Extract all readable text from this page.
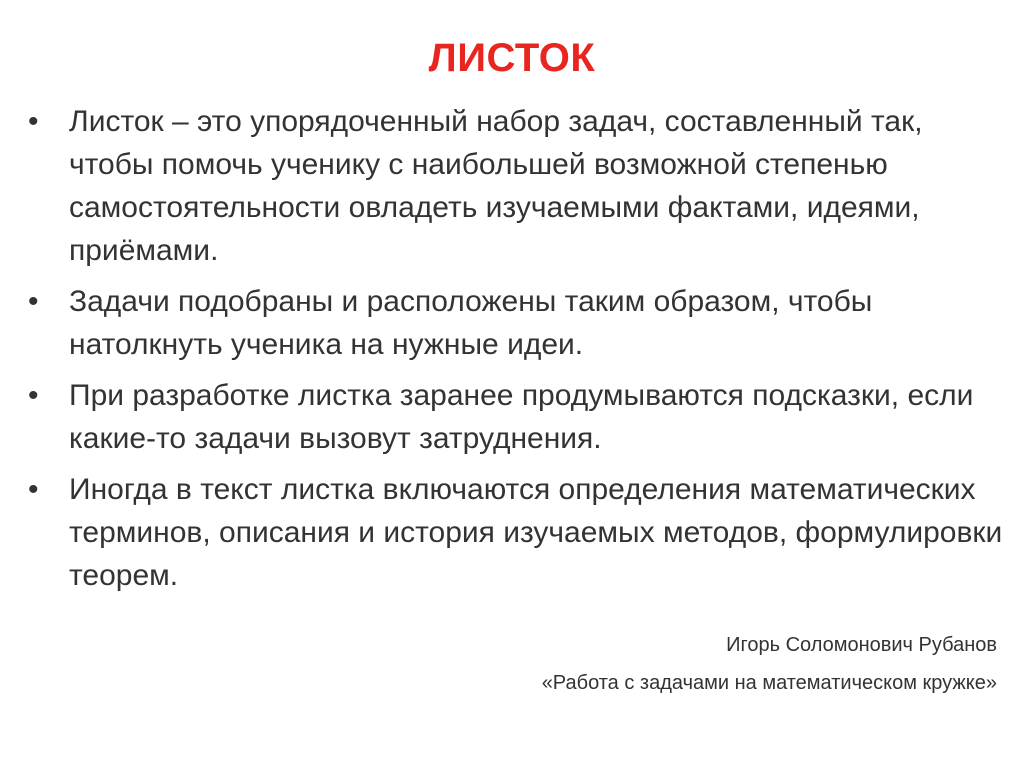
ЛИСТОК
•	Листок – это упорядоченный набор задач, составленный так, чтобы помочь ученику с наибольшей возможной степенью самостоятельности овладеть изучаемыми фактами, идеями, приёмами.
•	Задачи подобраны и расположены таким образом, чтобы натолкнуть ученика на нужные идеи.
•	При разработке листка заранее продумываются подсказки, если какие-то задачи вызовут затруднения.
•	Иногда в текст листка включаются определения математических терминов, описания и история изучаемых методов, формулировки теорем.
Игорь Соломонович Рубанов
«Работа с задачами на математическом кружке»
